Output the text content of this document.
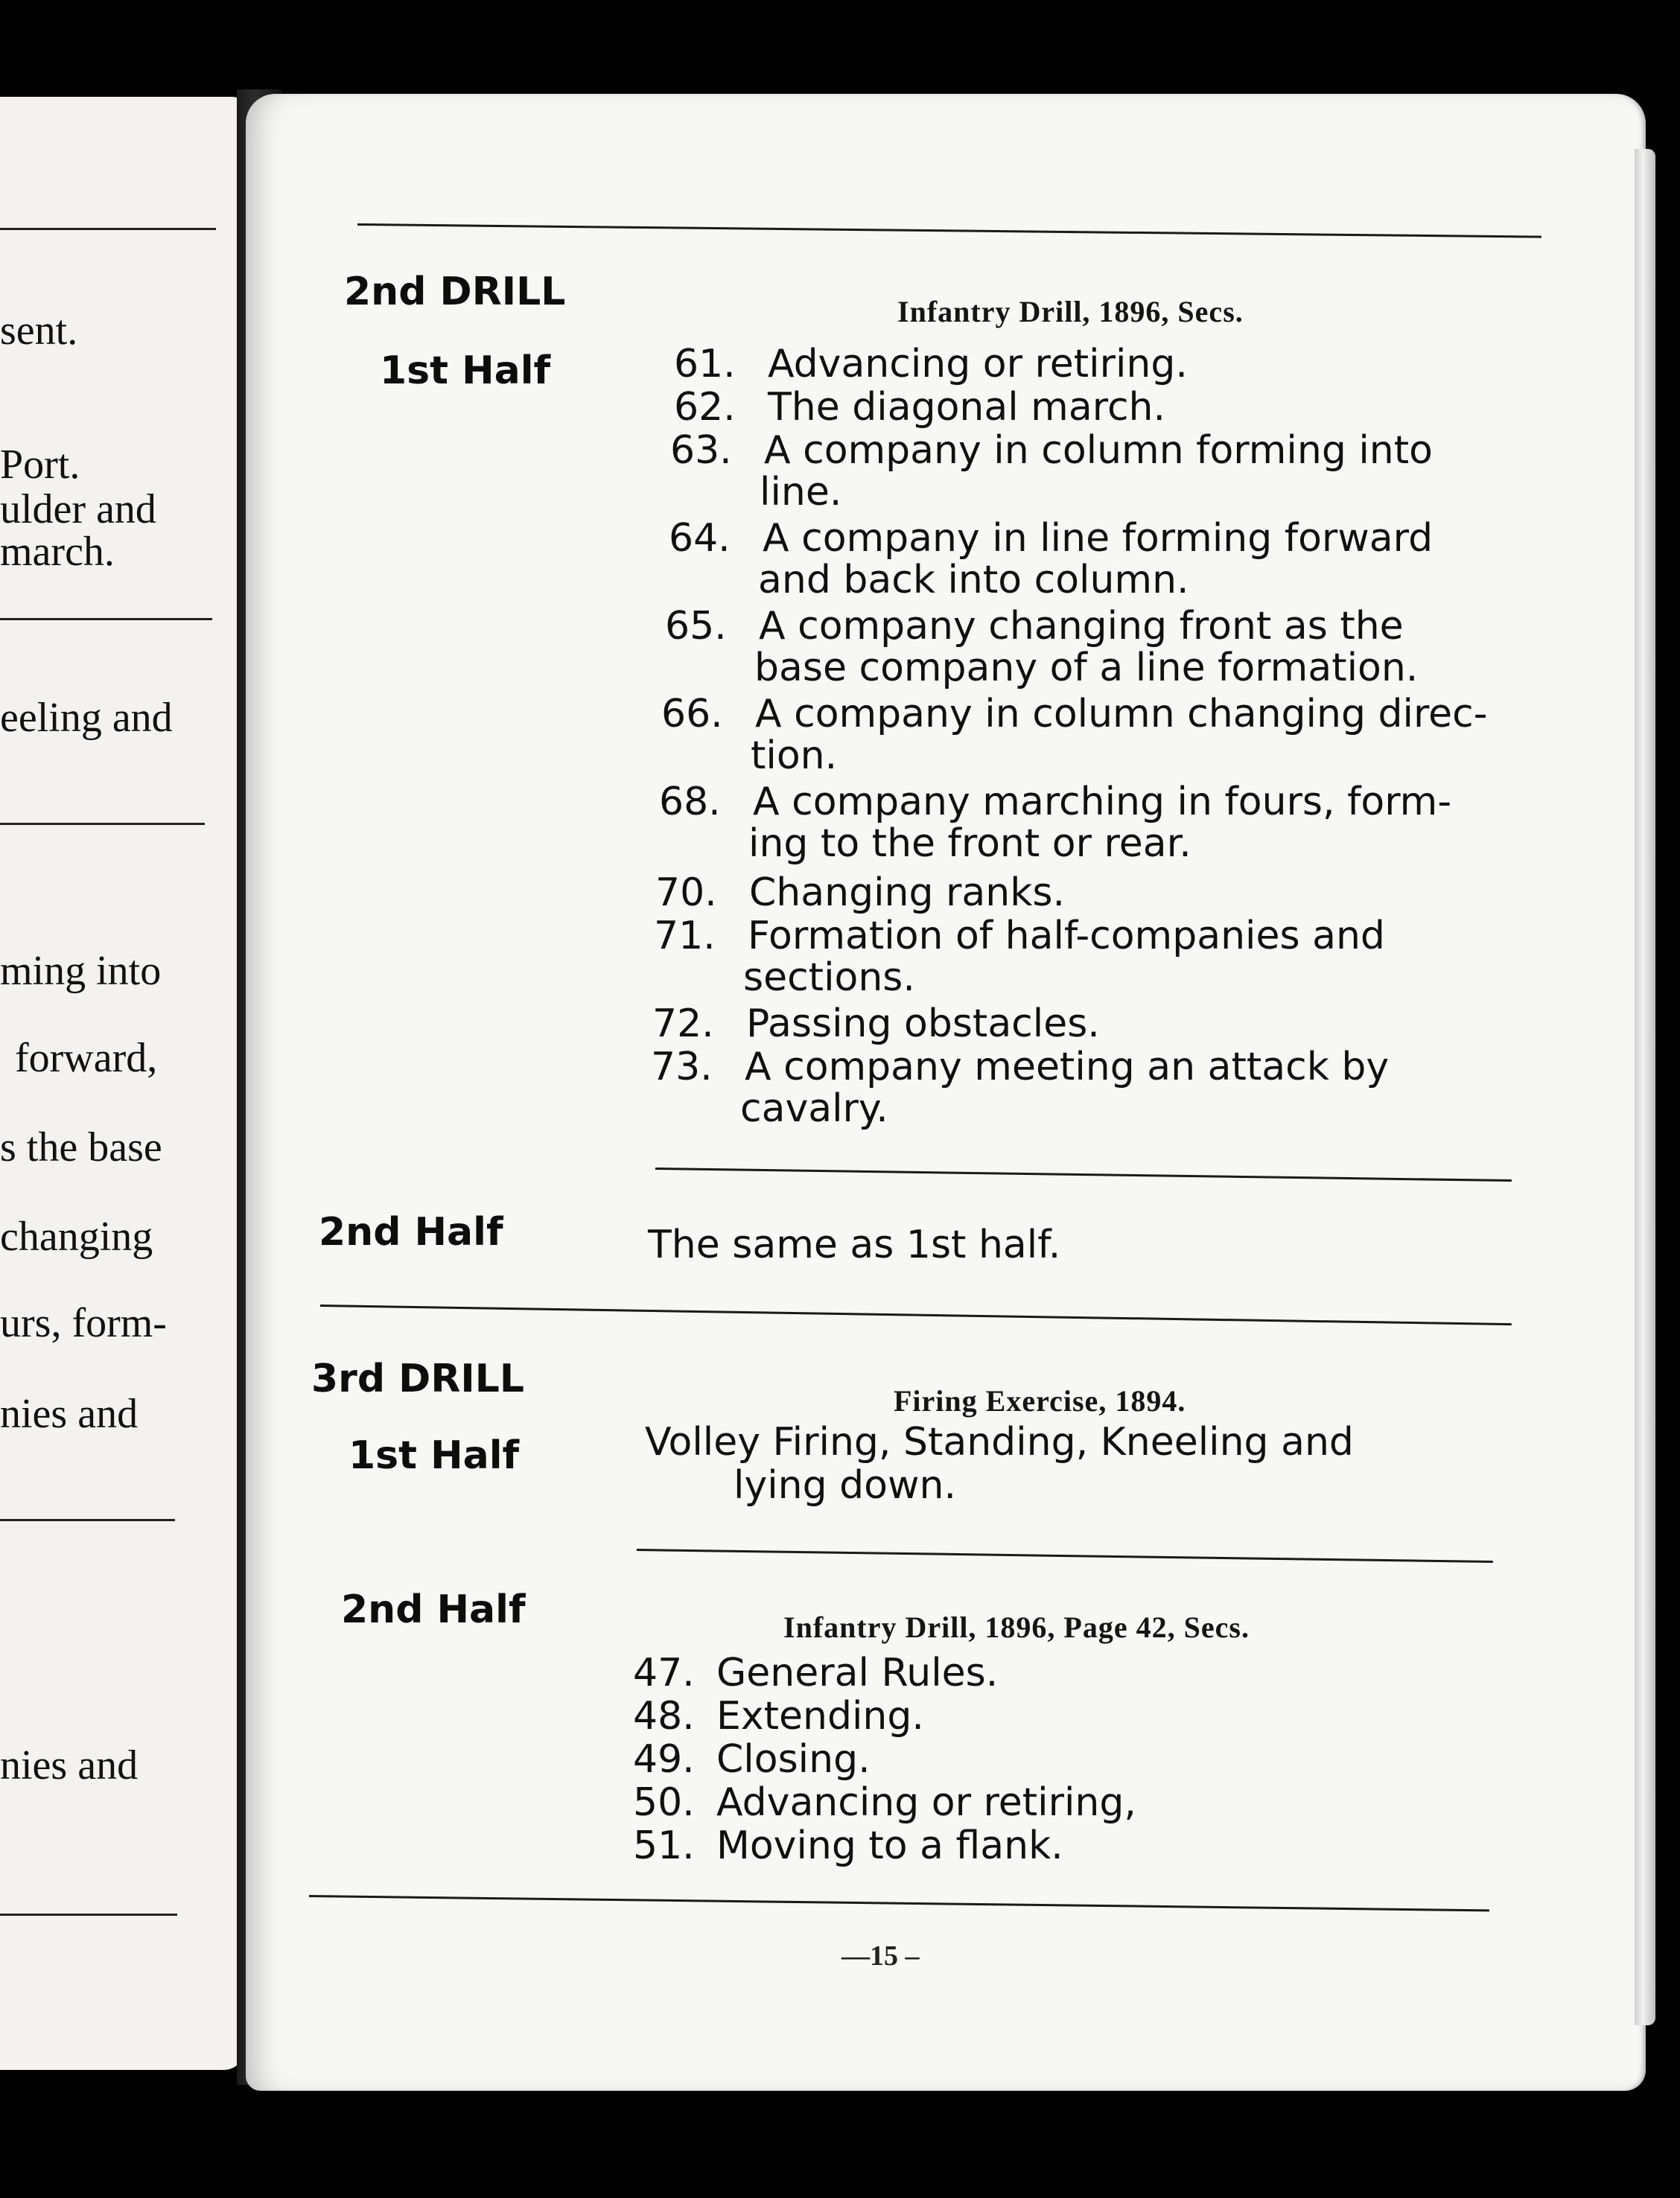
sent.
Port.
ulder and
march.
eeling and
ming into
forward,
s the base
changing
urs, form-
nies and
nies and
2nd DRILL	Infantry Drill, 1896, Secs.
1st Half	61. Advancing or retiring.
62. The diagonal march.
63. A company in column forming into
line.
64. A company in line forming forward
and back into column.
65. A company changing front as the
base company of a line formation.
66. A company in column changing direc-
tion.
68. A company marching in fours, form-
ing to the front or rear.
70. Changing ranks.
71. Formation of half-companies and
sections.
72. Passing obstacles.
73. A company meeting an attack by
cavalry.
2nd Half	The same as 1st half.
3rd DRILL	Firing Exercise, 1894.
1st Half	Volley Firing, Standing, Kneeling and
lying down.
2nd Half	Infantry Drill, 1896, Page 42, Secs.
47. General Rules.
48. Extending.
49. Closing.
50. Advancing or retiring,
51. Moving to a flank.
—15 –
